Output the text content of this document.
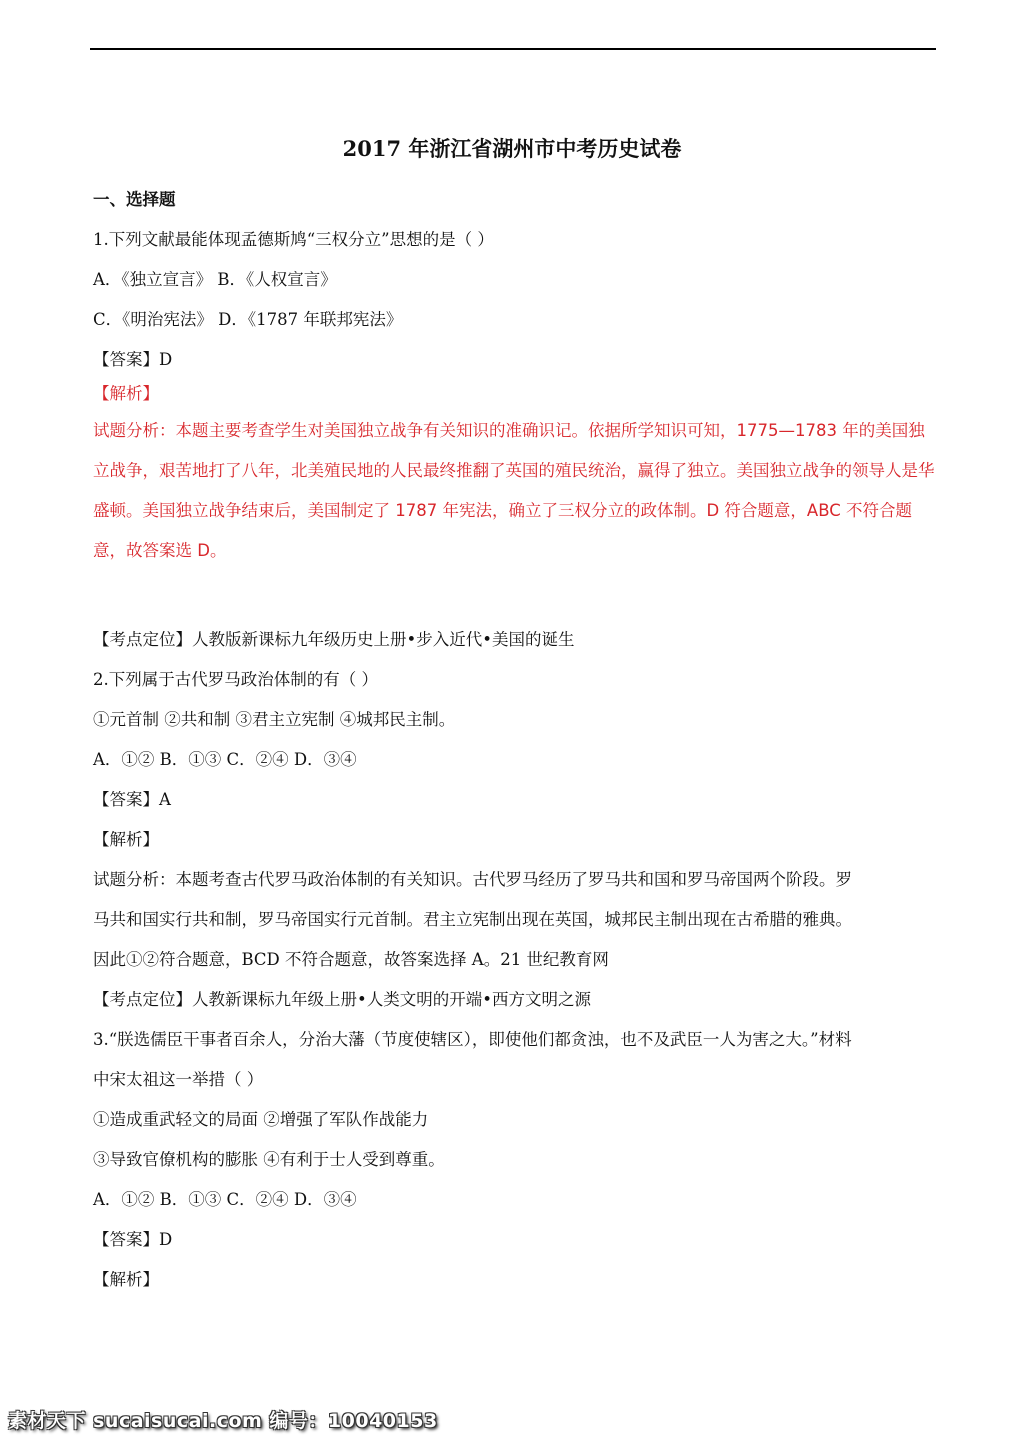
2017 年浙江省湖州市中考历史试卷
一、选择题
1.下列文献最能体现孟德斯鸠“三权分立”思想的是（ ）
A．《独立宣言》 B．《人权宣言》
C．《明治宪法》 D．《1787 年联邦宪法》
【答案】D
【解析】
试题分析：本题主要考查学生对美国独立战争有关知识的准确识记。依据所学知识可知，1775—1783 年的美国独立战争，艰苦地打了八年，北美殖民地的人民最终推翻了英国的殖民统治，赢得了独立。美国独立战争的领导人是华盛顿。美国独立战争结束后，美国制定了 1787 年宪法，确立了三权分立的政体制。D 符合题意，ABC 不符合题意，故答案选 D。
【考点定位】人教版新课标九年级历史上册•步入近代•美国的诞生
2.下列属于古代罗马政治体制的有（ ）
①元首制 ②共和制 ③君主立宪制 ④城邦民主制。
A．①② B．①③ C．②④ D．③④
【答案】A
【解析】
试题分析：本题考查古代罗马政治体制的有关知识。古代罗马经历了罗马共和国和罗马帝国两个阶段。罗
马共和国实行共和制，罗马帝国实行元首制。君主立宪制出现在英国，城邦民主制出现在古希腊的雅典。
因此①②符合题意，BCD 不符合题意，故答案选择 A。21 世纪教育网
【考点定位】人教新课标九年级上册•人类文明的开端•西方文明之源
3.“朕选儒臣干事者百余人，分治大藩（节度使辖区），即使他们都贪浊，也不及武臣一人为害之大。”材料
中宋太祖这一举措（ ）
①造成重武轻文的局面 ②增强了军队作战能力
③导致官僚机构的膨胀 ④有利于士人受到尊重。
A．①② B．①③ C．②④ D．③④
【答案】D
【解析】
素材天下 sucaisucai.com 编号：10040153
